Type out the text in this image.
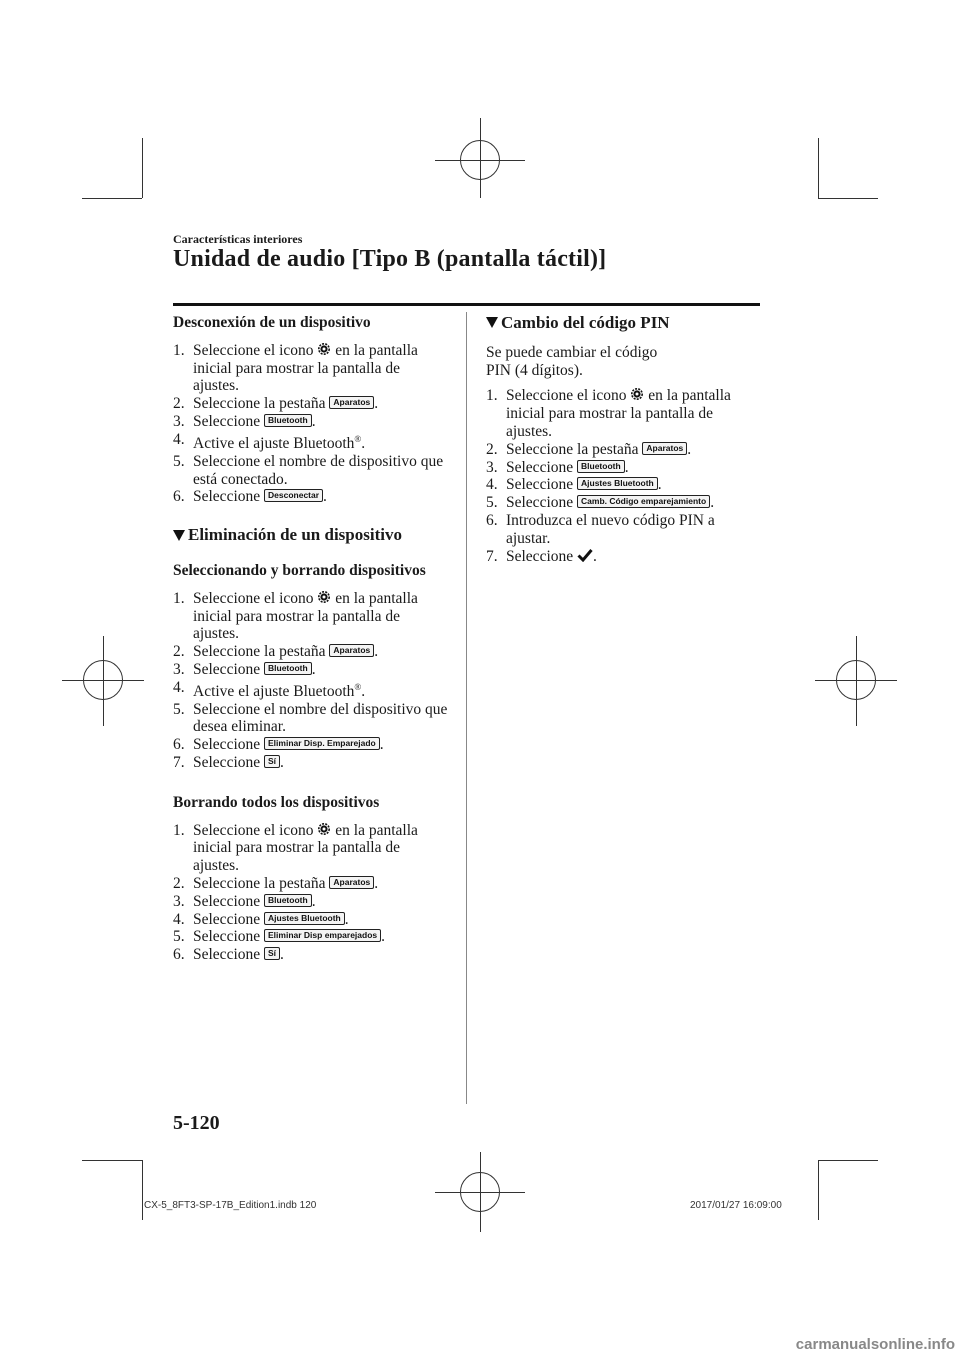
Características interiores
Unidad de audio [Tipo B (pantalla táctil)]
Desconexión de un dispositivo
1. Seleccione el icono  en la pantalla inicial para mostrar la pantalla de ajustes.
2. Seleccione la pestaña Aparatos .
3. Seleccione Bluetooth .
4. Active el ajuste Bluetooth®.
5. Seleccione el nombre de dispositivo que está conectado.
6. Seleccione Desconectar .
Eliminación de un dispositivo
Seleccionando y borrando dispositivos
1. Seleccione el icono  en la pantalla inicial para mostrar la pantalla de ajustes.
2. Seleccione la pestaña Aparatos .
3. Seleccione Bluetooth .
4. Active el ajuste Bluetooth®.
5. Seleccione el nombre del dispositivo que desea eliminar.
6. Seleccione Eliminar Disp. Emparejado .
7. Seleccione Sí .
Borrando todos los dispositivos
1. Seleccione el icono  en la pantalla inicial para mostrar la pantalla de ajustes.
2. Seleccione la pestaña Aparatos .
3. Seleccione Bluetooth .
4. Seleccione Ajustes Bluetooth .
5. Seleccione Eliminar Disp emparejados .
6. Seleccione Sí .
Cambio del código PIN
Se puede cambiar el código PIN (4 dígitos).
1. Seleccione el icono  en la pantalla inicial para mostrar la pantalla de ajustes.
2. Seleccione la pestaña Aparatos .
3. Seleccione Bluetooth .
4. Seleccione Ajustes Bluetooth .
5. Seleccione Camb. Código emparejamiento .
6. Introduzca el nuevo código PIN a ajustar.
7. Seleccione .
5-120
CX-5_8FT3-SP-17B_Edition1.indb 120	2017/01/27 16:09:00
carmanualsonline.info
